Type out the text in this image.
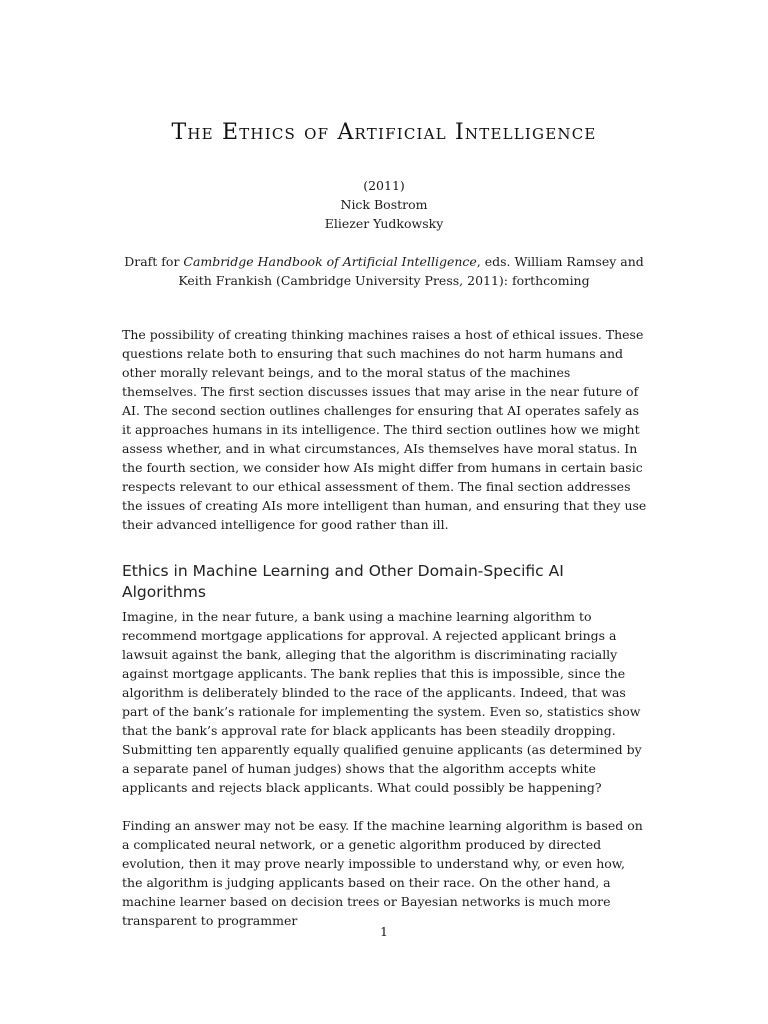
The Ethics of Artificial Intelligence
(2011)
Nick Bostrom
Eliezer Yudkowsky
Draft for Cambridge Handbook of Artificial Intelligence, eds. William Ramsey and Keith Frankish (Cambridge University Press, 2011): forthcoming

The possibility of creating thinking machines raises a host of ethical issues. These questions relate both to ensuring that such machines do not harm humans and other morally relevant beings, and to the moral status of the machines themselves. The first section discusses issues that may arise in the near future of AI. The second section outlines challenges for ensuring that AI operates safely as it approaches humans in its intelligence. The third section outlines how we might assess whether, and in what circumstances, AIs themselves have moral status. In the fourth section, we consider how AIs might differ from humans in certain basic respects relevant to our ethical assessment of them. The final section addresses the issues of creating AIs more intelligent than human, and ensuring that they use their advanced intelligence for good rather than ill.

Ethics in Machine Learning and Other Domain-Specific AI Algorithms

Imagine, in the near future, a bank using a machine learning algorithm to recommend mortgage applications for approval. A rejected applicant brings a lawsuit against the bank, alleging that the algorithm is discriminating racially against mortgage applicants. The bank replies that this is impossible, since the algorithm is deliberately blinded to the race of the applicants. Indeed, that was part of the bank’s rationale for implementing the system. Even so, statistics show that the bank’s approval rate for black applicants has been steadily dropping. Submitting ten apparently equally qualified genuine applicants (as determined by a separate panel of human judges) shows that the algorithm accepts white applicants and rejects black applicants. What could possibly be happening?

Finding an answer may not be easy. If the machine learning algorithm is based on a complicated neural network, or a genetic algorithm produced by directed evolution, then it may prove nearly impossible to understand why, or even how, the algorithm is judging applicants based on their race. On the other hand, a machine learner based on decision trees or Bayesian networks is much more transparent to programmer

1
